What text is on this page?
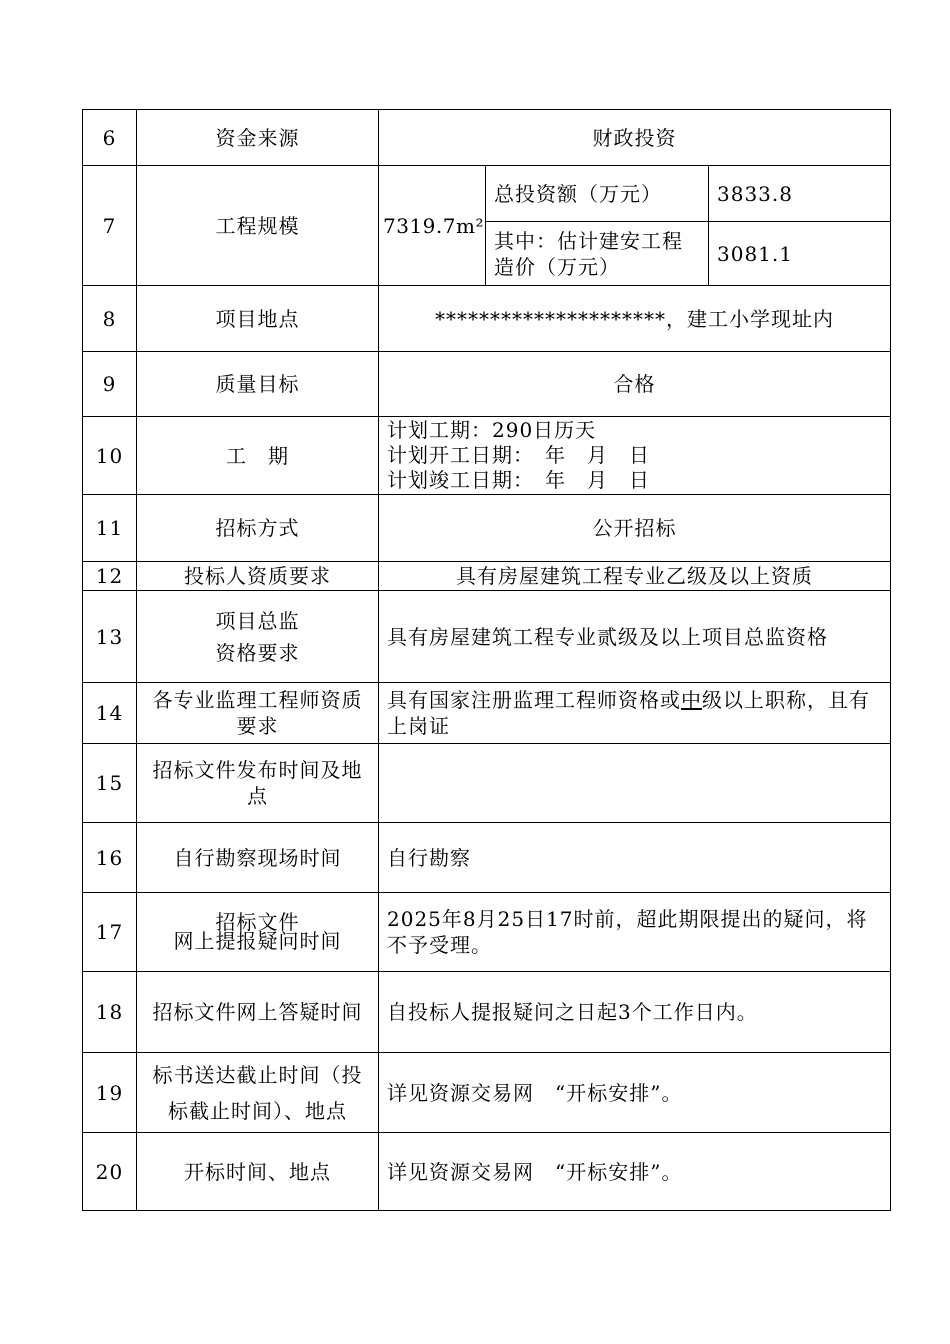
6	资金来源	财政投资		
7	工程规模	7319.7m²	总投资额（万元）	3833.8
			其中：估计建安工程造价（万元）	3081.1
8	项目地点	*********************，建工小学现址内		
9	质量目标	合格		
10	工　期	计划工期：290日历天
计划开工日期：　年　月　日
计划竣工日期：　年　月　日		

11	招标方式	公开招标		
12	投标人资质要求	具有房屋建筑工程专业乙级及以上资质		
13	项目总监
资格要求	具有房屋建筑工程专业贰级及以上项目总监资格		
14	各专业监理工程师资质要求	具有国家注册监理工程师资格或中级以上职称，且有上岗证		
15	招标文件发布时间及地点			
16	自行勘察现场时间	自行勘察		
17	招标文件
网上提报疑问时间	2025年8月25日17时前，超此期限提出的疑问，将不予受理。		
18	招标文件网上答疑时间	自投标人提报疑问之日起3个工作日内。		
19	标书送达截止时间（投
标截止时间）、地点	详见资源交易网　“开标安排”。		
20	开标时间、地点	详见资源交易网　“开标安排”。		
